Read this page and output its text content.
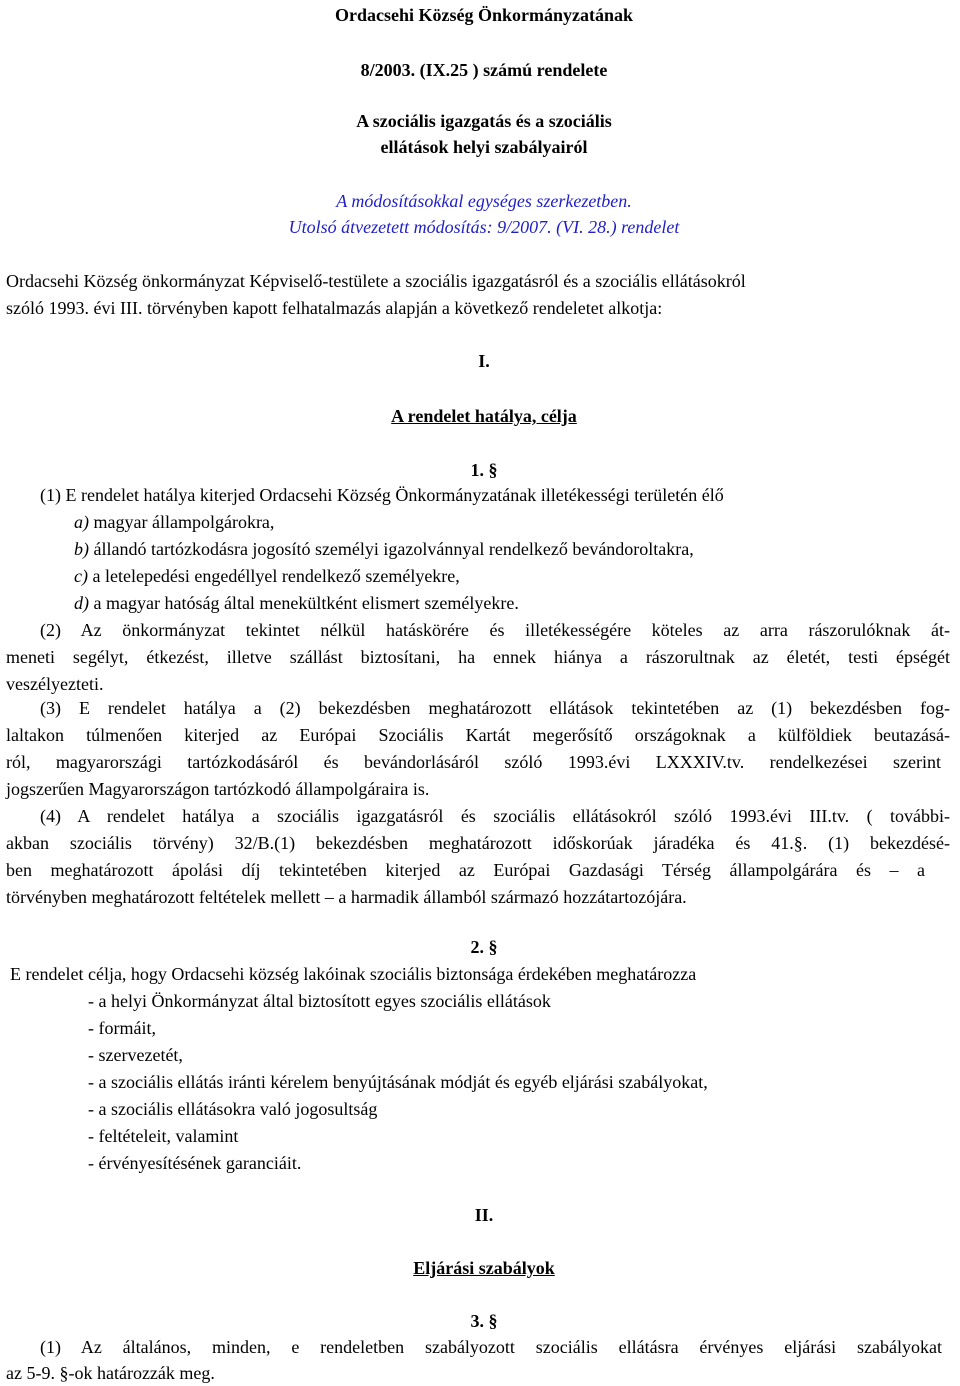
Ordacsehi Község Önkormányzatának
8/2003. (IX.25 ) számú rendelete
A szociális igazgatás és a szociális
ellátások helyi szabályairól
A módosításokkal egységes szerkezetben.
Utolsó átvezetett módosítás: 9/2007. (VI. 28.) rendelet
Ordacsehi Község önkormányzat Képviselő-testülete a szociális igazgatásról és a szociális ellátásokról
szóló 1993. évi III. törvényben kapott felhatalmazás alapján a következő rendeletet alkotja:
I.
A rendelet hatálya, célja
1. §
(1) E rendelet hatálya kiterjed Ordacsehi Község Önkormányzatának illetékességi területén élő
a) magyar állampolgárokra,
b) állandó tartózkodásra jogosító személyi igazolvánnyal rendelkező bevándoroltakra,
c) a letelepedési engedéllyel rendelkező személyekre,
d) a magyar hatóság által menekültként elismert személyekre.
(2) Az önkormányzat tekintet nélkül hatáskörére és illetékességére köteles az arra rászorulóknak át-
meneti segélyt, étkezést, illetve szállást biztosítani, ha ennek hiánya a rászorultnak az életét, testi épségét
veszélyezteti.
(3) E rendelet hatálya a (2) bekezdésben meghatározott ellátások tekintetében az (1) bekezdésben fog-
laltakon túlmenően kiterjed az Európai Szociális Kartát megerősítő országoknak a külföldiek beutazásá-
ról, magyarországi tartózkodásáról és bevándorlásáról szóló 1993.évi LXXXIV.tv. rendelkezései szerint
jogszerűen Magyarországon tartózkodó állampolgáraira is.
(4) A rendelet hatálya a szociális igazgatásról és szociális ellátásokról szóló 1993.évi III.tv. ( további-
akban szociális törvény) 32/B.(1) bekezdésben meghatározott időskorúak járadéka és 41.§. (1) bekezdésé-
ben meghatározott ápolási díj tekintetében kiterjed az Európai Gazdasági Térség állampolgárára és – a
törvényben meghatározott feltételek mellett – a harmadik államból származó hozzátartozójára.
2. §
E rendelet célja, hogy Ordacsehi község lakóinak szociális biztonsága érdekében meghatározza
- a helyi Önkormányzat által biztosított egyes szociális ellátások
- formáit,
- szervezetét,
- a szociális ellátás iránti kérelem benyújtásának módját és egyéb eljárási szabályokat,
- a szociális ellátásokra való jogosultság
- feltételeit, valamint
- érvényesítésének garanciáit.
II.
Eljárási szabályok
3. §
(1) Az általános, minden, e rendeletben szabályozott szociális ellátásra érvényes eljárási szabályokat
az 5-9. §-ok határozzák meg.
